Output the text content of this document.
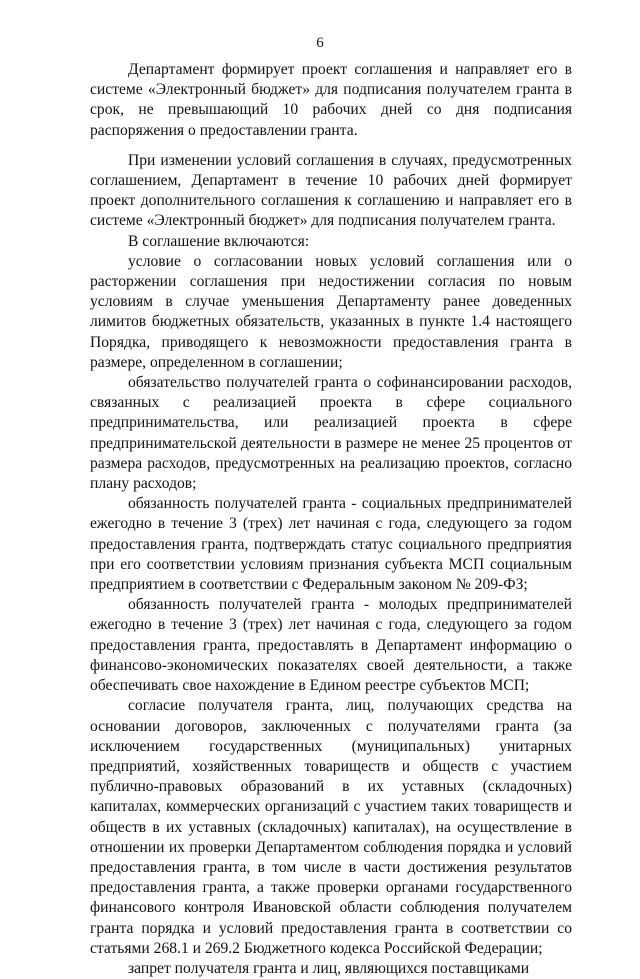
6

Департамент формирует проект соглашения и направляет его в системе «Электронный бюджет» для подписания получателем гранта в срок, не превышающий 10 рабочих дней со дня подписания распоряжения о предоставлении гранта.

При изменении условий соглашения в случаях, предусмотренных соглашением, Департамент в течение 10 рабочих дней формирует проект дополнительного соглашения к соглашению и направляет его в системе «Электронный бюджет» для подписания получателем гранта.

В соглашение включаются:

условие о согласовании новых условий соглашения или о расторжении соглашения при недостижении согласия по новым условиям в случае уменьшения Департаменту ранее доведенных лимитов бюджетных обязательств, указанных в пункте 1.4 настоящего Порядка, приводящего к невозможности предоставления гранта в размере, определенном в соглашении;

обязательство получателей гранта о софинансировании расходов, связанных с реализацией проекта в сфере социального предпринимательства, или реализацией проекта в сфере предпринимательской деятельности в размере не менее 25 процентов от размера расходов, предусмотренных на реализацию проектов, согласно плану расходов;

обязанность получателей гранта - социальных предпринимателей ежегодно в течение 3 (трех) лет начиная с года, следующего за годом предоставления гранта, подтверждать статус социального предприятия при его соответствии условиям признания субъекта МСП социальным предприятием в соответствии с Федеральным законом № 209-ФЗ;

обязанность получателей гранта - молодых предпринимателей ежегодно в течение 3 (трех) лет начиная с года, следующего за годом предоставления гранта, предоставлять в Департамент информацию о финансово-экономических показателях своей деятельности, а также обеспечивать свое нахождение в Едином реестре субъектов МСП;

согласие получателя гранта, лиц, получающих средства на основании договоров, заключенных с получателями гранта (за исключением государственных (муниципальных) унитарных предприятий, хозяйственных товариществ и обществ с участием публично-правовых образований в их уставных (складочных) капиталах, коммерческих организаций с участием таких товариществ и обществ в их уставных (складочных) капиталах), на осуществление в отношении их проверки Департаментом соблюдения порядка и условий предоставления гранта, в том числе в части достижения результатов предоставления гранта, а также проверки органами государственного финансового контроля Ивановской области соблюдения получателем гранта порядка и условий предоставления гранта в соответствии со статьями 268.1 и 269.2 Бюджетного кодекса Российской Федерации;

запрет получателя гранта и лиц, являющихся поставщиками
